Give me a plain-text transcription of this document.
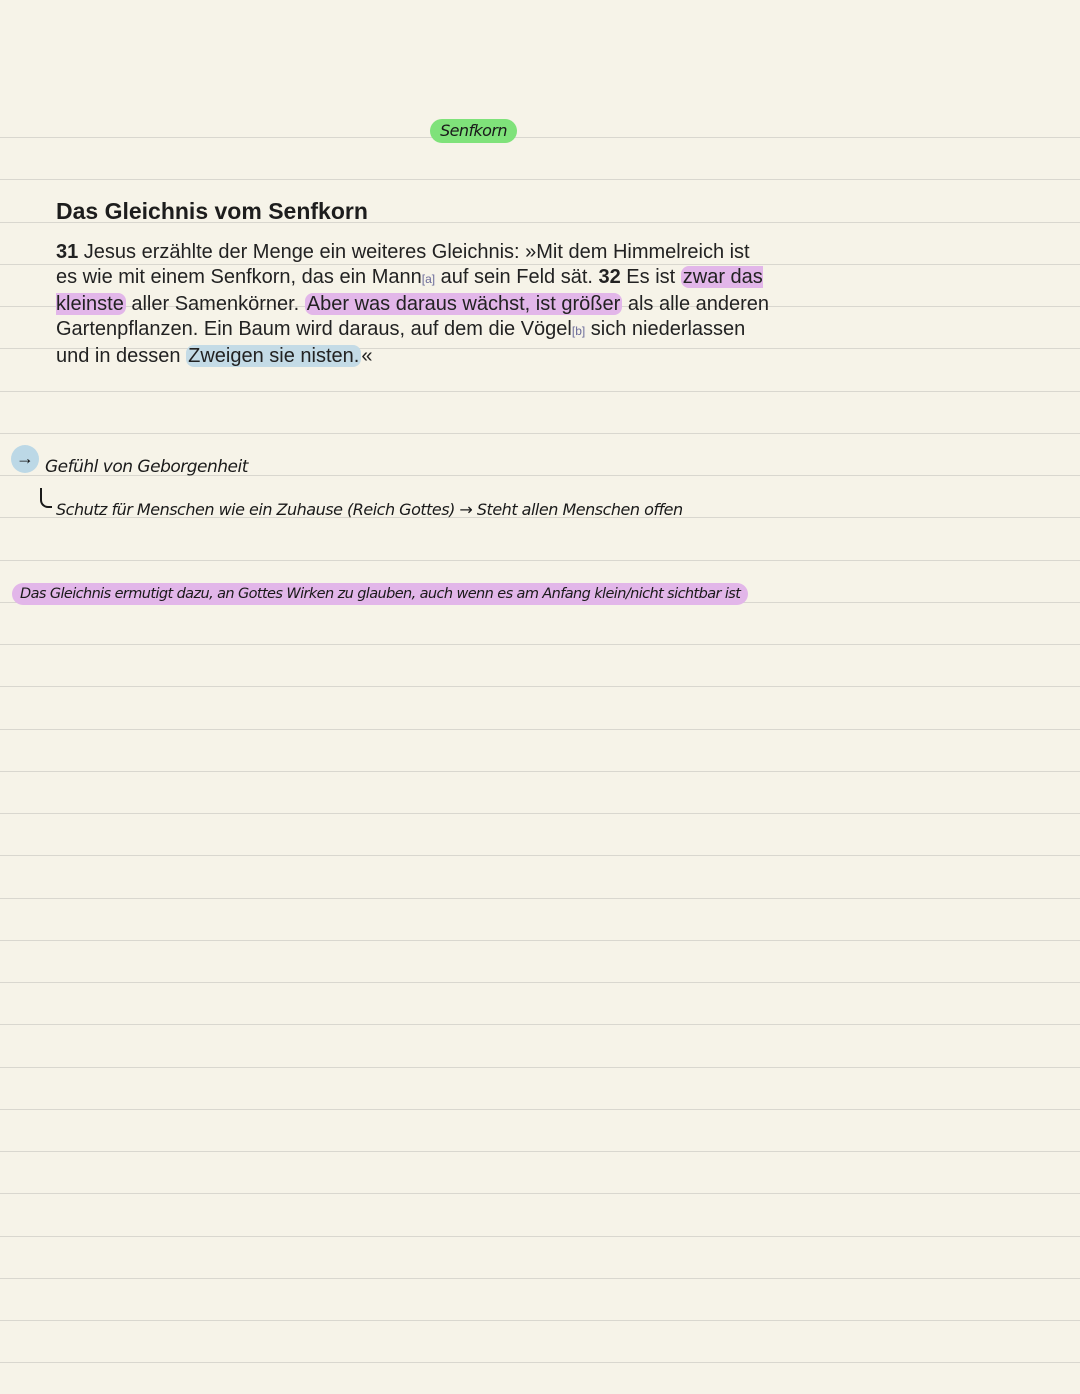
Senfkorn
Das Gleichnis vom Senfkorn

31 Jesus erzählte der Menge ein weiteres Gleichnis: »Mit dem Himmelreich ist es wie mit einem Senfkorn, das ein Mann[a] auf sein Feld sät. 32 Es ist zwar das kleinste aller Samenkörner. Aber was daraus wächst, ist größer als alle anderen Gartenpflanzen. Ein Baum wird daraus, auf dem die Vögel[b] sich niederlassen und in dessen Zweigen sie nisten. «

→ Gefühl von Geborgenheit
Schutz für Menschen wie ein Zuhause (Reich Gottes) → Steht allen Menschen offen
Das Gleichnis ermutigt dazu, an Gottes Wirken zu glauben, auch wenn es am Anfang klein/nicht sichtbar ist
